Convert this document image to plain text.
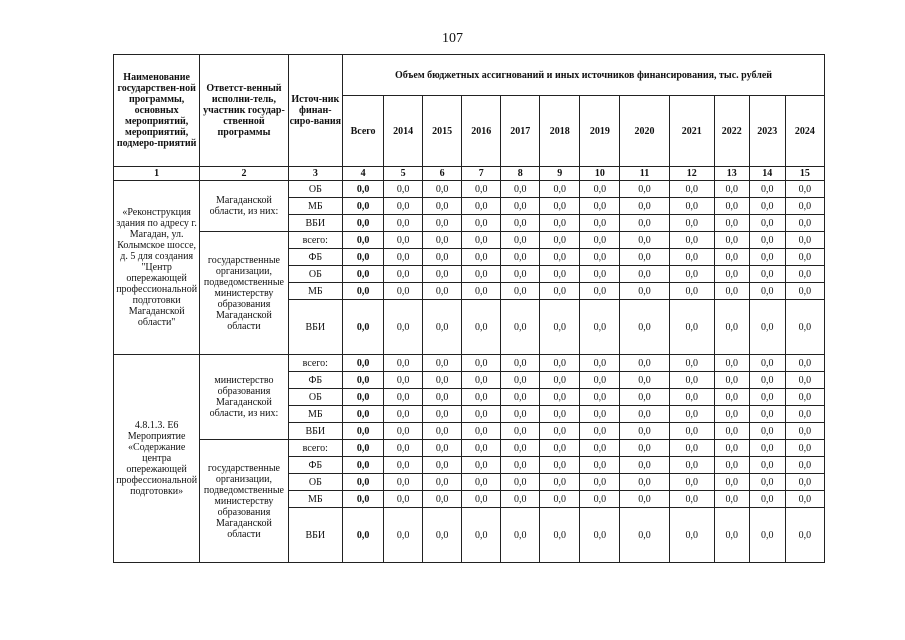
107
Наименование государствен-ной программы, основных мероприятий, мероприятий, подмеро-приятий	Ответст-венный исполни-тель, участник государ-ственной программы	Источ-ник финан-сиро-вания	Объем бюджетных ассигнований и иных источников финансирования, тыс. рублей											
			Всего	2014	2015	2016	2017	2018	2019	2020	2021	2022	2023	2024
1	2	3	4	5	6	7	8	9	10	11	12	13	14	15
«Реконструкция здания по адресу г. Магадан, ул. Колымское шоссе, д. 5 для создания "Центр опережающей профессиональной подготовки Магаданской области"	Магаданской области, из них:	ОБ	0,0	0,0	0,0	0,0	0,0	0,0	0,0	0,0	0,0	0,0	0,0	0,0
		МБ	0,0	0,0	0,0	0,0	0,0	0,0	0,0	0,0	0,0	0,0	0,0	0,0
		ВБИ	0,0	0,0	0,0	0,0	0,0	0,0	0,0	0,0	0,0	0,0	0,0	0,0
	государственные организации, подведомственные министерству образования Магаданской области	всего:	0,0	0,0	0,0	0,0	0,0	0,0	0,0	0,0	0,0	0,0	0,0	0,0
		ФБ	0,0	0,0	0,0	0,0	0,0	0,0	0,0	0,0	0,0	0,0	0,0	0,0
		ОБ	0,0	0,0	0,0	0,0	0,0	0,0	0,0	0,0	0,0	0,0	0,0	0,0
		МБ	0,0	0,0	0,0	0,0	0,0	0,0	0,0	0,0	0,0	0,0	0,0	0,0
		ВБИ	0,0	0,0	0,0	0,0	0,0	0,0	0,0	0,0	0,0	0,0	0,0	0,0
4.8.1.3. Е6 Мероприятие «Содержание центра опережающей профессиональной подготовки»	министерство образования Магаданской области, из них:	всего:	0,0	0,0	0,0	0,0	0,0	0,0	0,0	0,0	0,0	0,0	0,0	0,0
		ФБ	0,0	0,0	0,0	0,0	0,0	0,0	0,0	0,0	0,0	0,0	0,0	0,0
		ОБ	0,0	0,0	0,0	0,0	0,0	0,0	0,0	0,0	0,0	0,0	0,0	0,0
		МБ	0,0	0,0	0,0	0,0	0,0	0,0	0,0	0,0	0,0	0,0	0,0	0,0
		ВБИ	0,0	0,0	0,0	0,0	0,0	0,0	0,0	0,0	0,0	0,0	0,0	0,0
	государственные организации, подведомственные министерству образования Магаданской области	всего:	0,0	0,0	0,0	0,0	0,0	0,0	0,0	0,0	0,0	0,0	0,0	0,0
		ФБ	0,0	0,0	0,0	0,0	0,0	0,0	0,0	0,0	0,0	0,0	0,0	0,0
		ОБ	0,0	0,0	0,0	0,0	0,0	0,0	0,0	0,0	0,0	0,0	0,0	0,0
		МБ	0,0	0,0	0,0	0,0	0,0	0,0	0,0	0,0	0,0	0,0	0,0	0,0
		ВБИ	0,0	0,0	0,0	0,0	0,0	0,0	0,0	0,0	0,0	0,0	0,0	0,0
